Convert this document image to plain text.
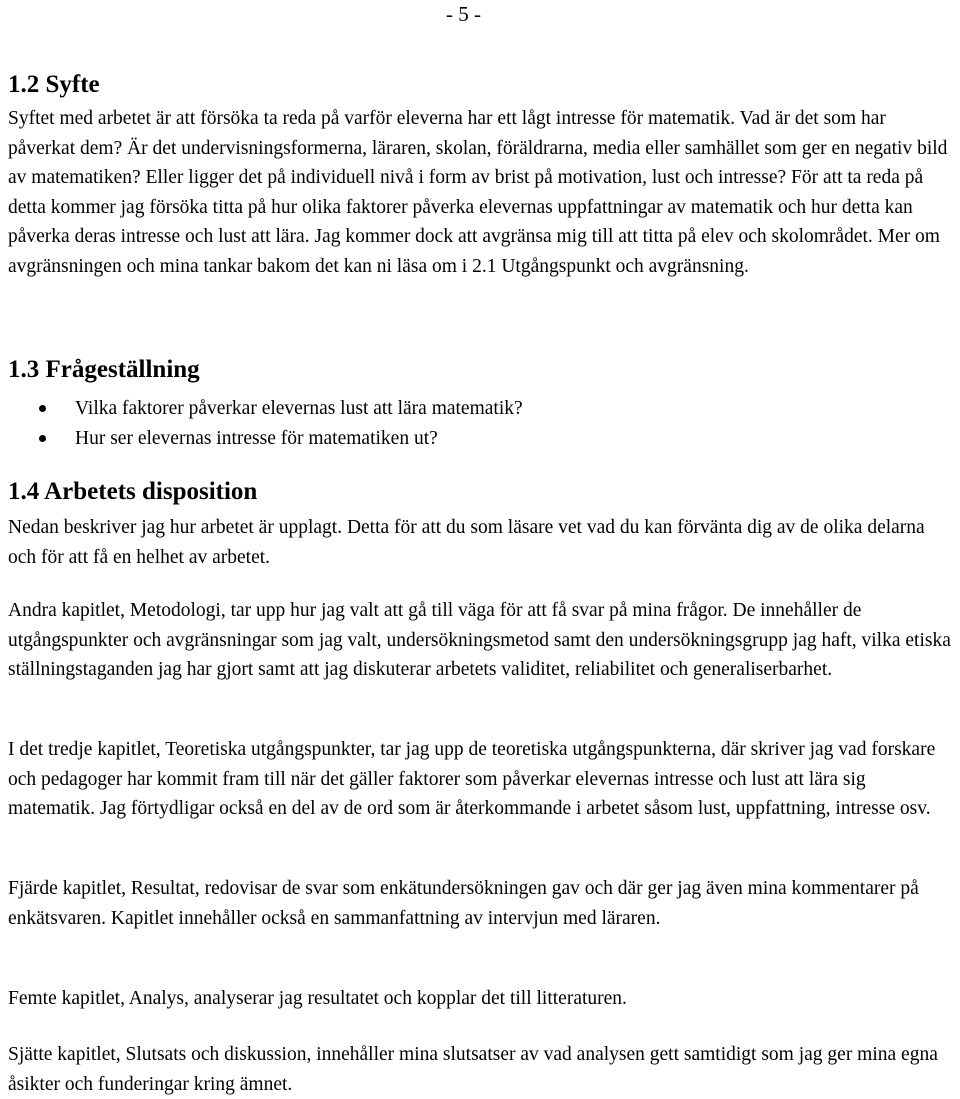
- 5 -
1.2 Syfte

Syftet med arbetet är att försöka ta reda på varför eleverna har ett lågt intresse för matematik. Vad är det som har påverkat dem? Är det undervisningsformerna, läraren, skolan, föräldrarna, media eller samhället som ger en negativ bild av matematiken? Eller ligger det på individuell nivå i form av brist på motivation, lust och intresse? För att ta reda på detta kommer jag försöka titta på hur olika faktorer påverka elevernas uppfattningar av matematik och hur detta kan påverka deras intresse och lust att lära. Jag kommer dock att avgränsa mig till att titta på elev och skolområdet. Mer om avgränsningen och mina tankar bakom det kan ni läsa om i 2.1 Utgångspunkt och avgränsning.

1.3 Frågeställning
Vilka faktorer påverkar elevernas lust att lära matematik?
Hur ser elevernas intresse för matematiken ut?
1.4 Arbetets disposition

Nedan beskriver jag hur arbetet är upplagt. Detta för att du som läsare vet vad du kan förvänta dig av de olika delarna och för att få en helhet av arbetet.

Andra kapitlet, Metodologi, tar upp hur jag valt att gå till väga för att få svar på mina frågor. De innehåller de utgångspunkter och avgränsningar som jag valt, undersökningsmetod samt den undersökningsgrupp jag haft, vilka etiska ställningstaganden jag har gjort samt att jag diskuterar arbetets validitet, reliabilitet och generaliserbarhet.

I det tredje kapitlet, Teoretiska utgångspunkter, tar jag upp de teoretiska utgångspunkterna, där skriver jag vad forskare och pedagoger har kommit fram till när det gäller faktorer som påverkar elevernas intresse och lust att lära sig matematik. Jag förtydligar också en del av de ord som är återkommande i arbetet såsom lust, uppfattning, intresse osv.

Fjärde kapitlet, Resultat, redovisar de svar som enkätundersökningen gav och där ger jag även mina kommentarer på enkätsvaren. Kapitlet innehåller också en sammanfattning av intervjun med läraren.

Femte kapitlet, Analys, analyserar jag resultatet och kopplar det till litteraturen.

Sjätte kapitlet, Slutsats och diskussion, innehåller mina slutsatser av vad analysen gett samtidigt som jag ger mina egna åsikter och funderingar kring ämnet.
